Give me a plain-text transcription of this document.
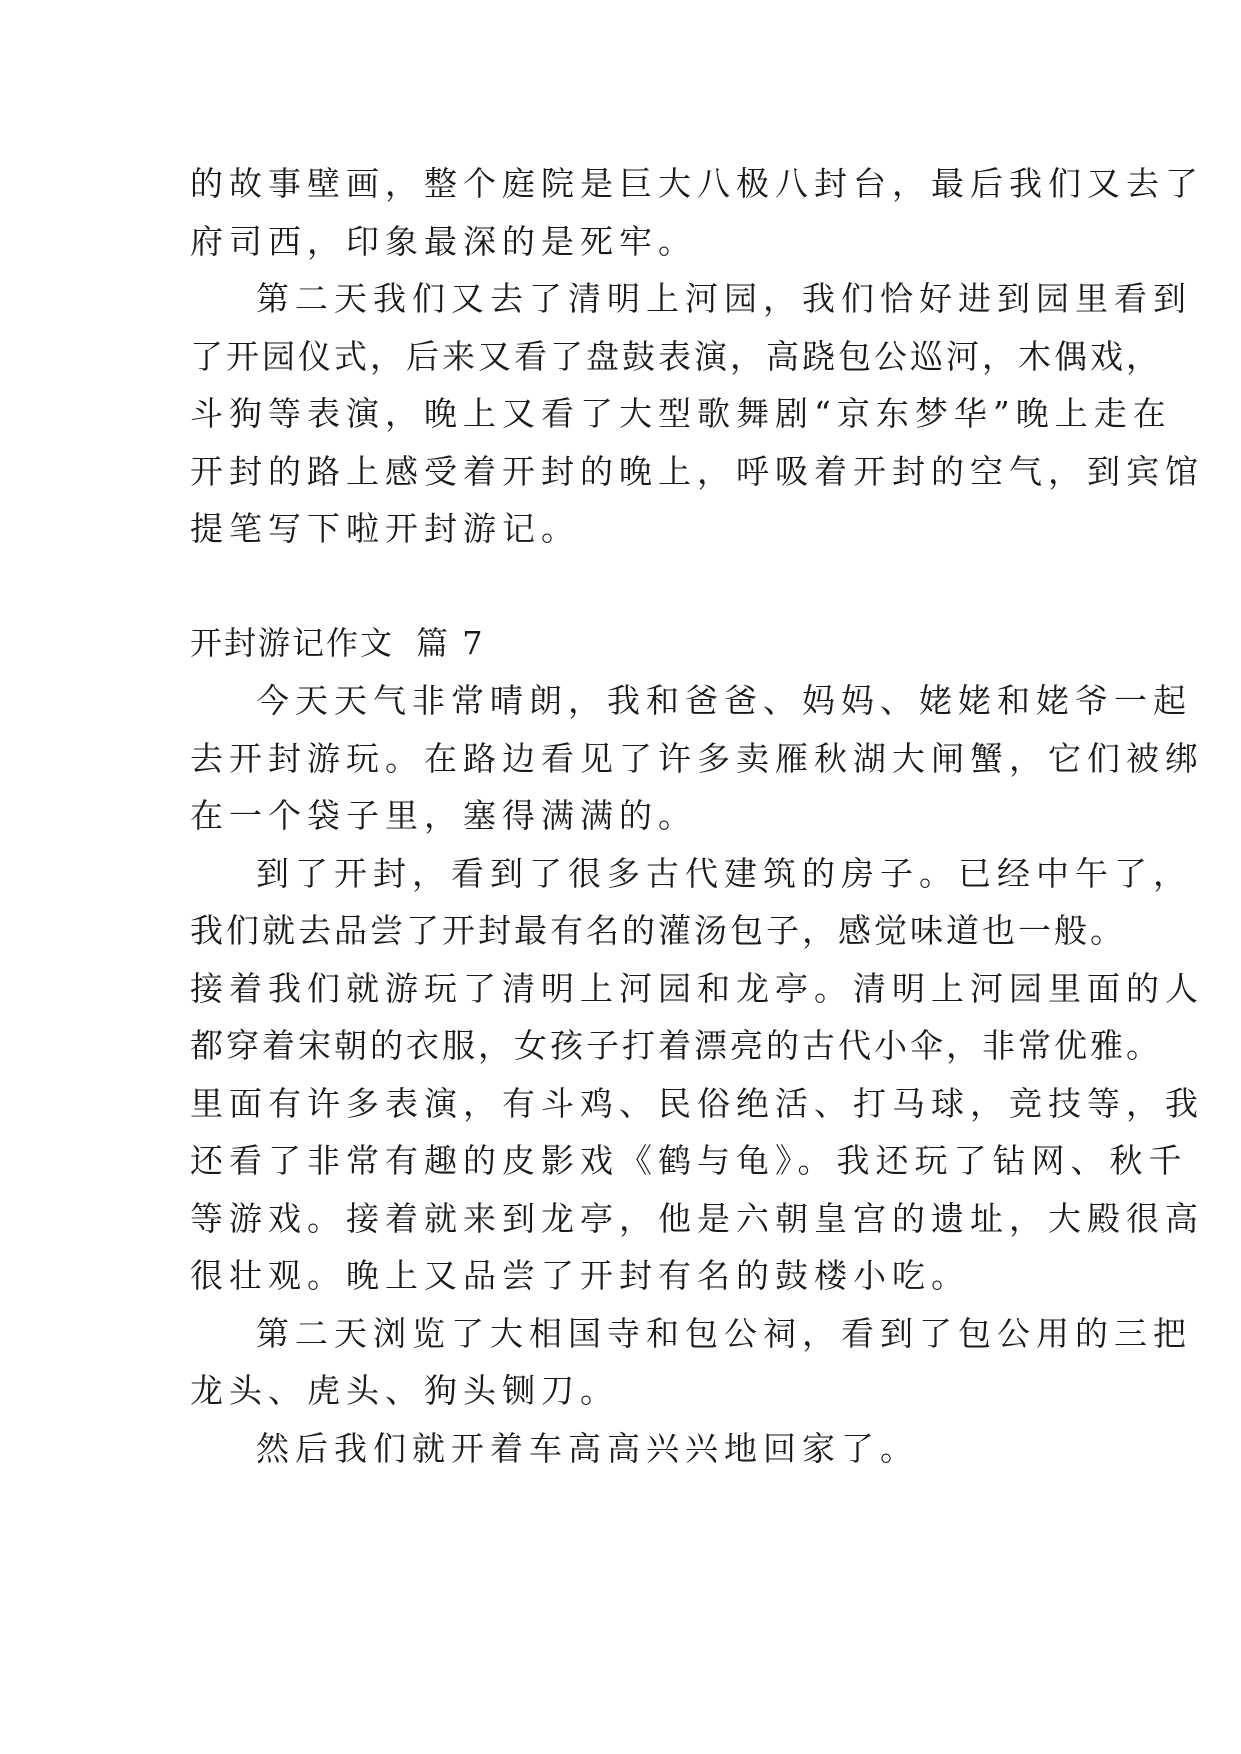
的故事壁画，整个庭院是巨大八极八封台，最后我们又去了
府司西，印象最深的是死牢。
第二天我们又去了清明上河园，我们恰好进到园里看到
了开园仪式，后来又看了盘鼓表演，高跷包公巡河，木偶戏，
斗狗等表演，晚上又看了大型歌舞剧“京东梦华”晚上走在
开封的路上感受着开封的晚上，呼吸着开封的空气，到宾馆
提笔写下啦开封游记。
开封游记作文 篇 7
今天天气非常晴朗，我和爸爸、妈妈、姥姥和姥爷一起
去开封游玩。在路边看见了许多卖雁秋湖大闸蟹，它们被绑
在一个袋子里，塞得满满的。
到了开封，看到了很多古代建筑的房子。已经中午了，
我们就去品尝了开封最有名的灌汤包子，感觉味道也一般。
接着我们就游玩了清明上河园和龙亭。清明上河园里面的人
都穿着宋朝的衣服，女孩子打着漂亮的古代小伞，非常优雅。
里面有许多表演，有斗鸡、民俗绝活、打马球，竞技等，我
还看了非常有趣的皮影戏《鹤与龟》。我还玩了钻网、秋千
等游戏。接着就来到龙亭，他是六朝皇宫的遗址，大殿很高
很壮观。晚上又品尝了开封有名的鼓楼小吃。
第二天浏览了大相国寺和包公祠，看到了包公用的三把
龙头、虎头、狗头铡刀。
然后我们就开着车高高兴兴地回家了。
